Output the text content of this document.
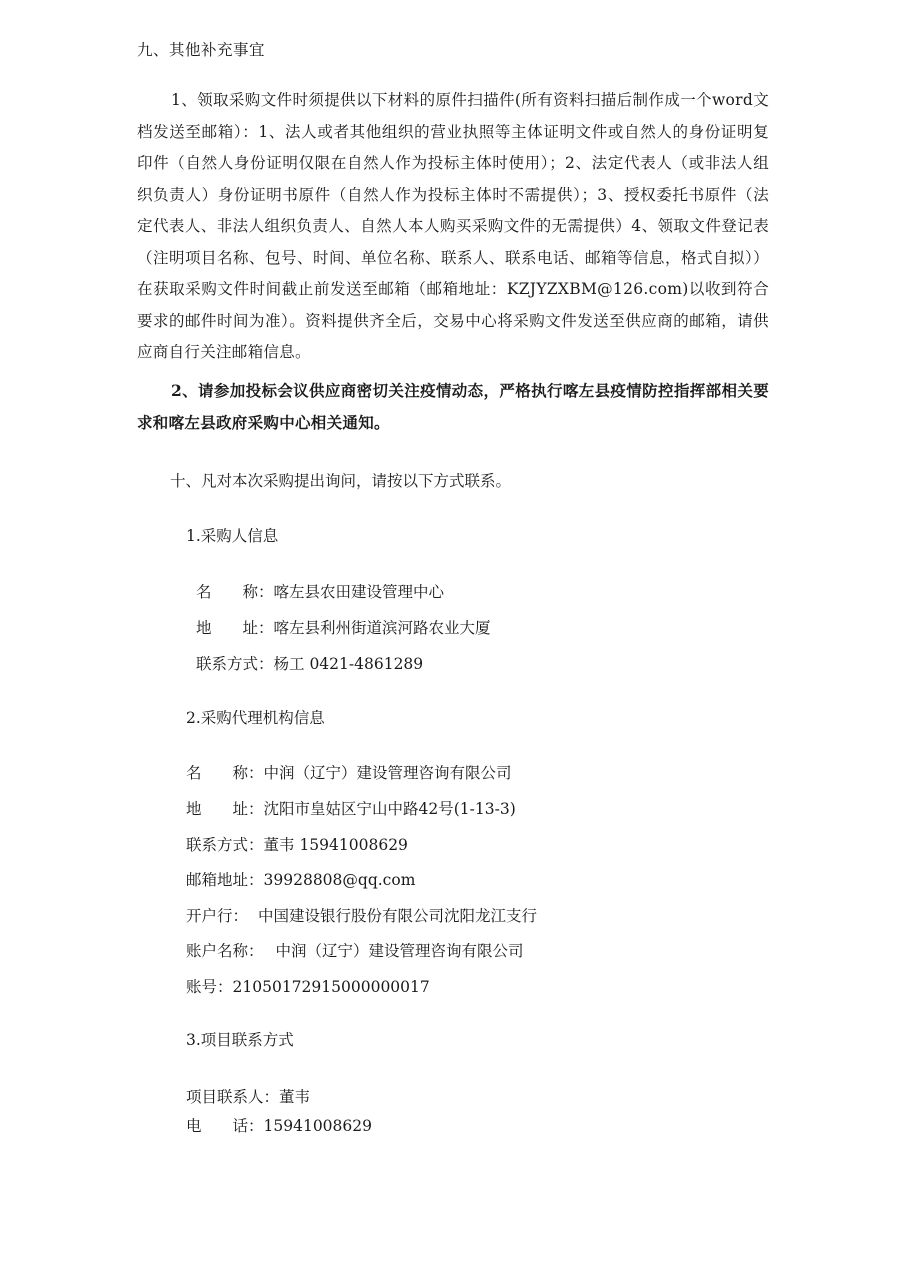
九、其他补充事宜

1、领取采购文件时须提供以下材料的原件扫描件(所有资料扫描后制作成一个word文档发送至邮箱）：1、法人或者其他组织的营业执照等主体证明文件或自然人的身份证明复印件（自然人身份证明仅限在自然人作为投标主体时使用）；2、法定代表人（或非法人组织负责人）身份证明书原件（自然人作为投标主体时不需提供）；3、授权委托书原件（法定代表人、非法人组织负责人、自然人本人购买采购文件的无需提供）4、领取文件登记表（注明项目名称、包号、时间、单位名称、联系人、联系电话、邮箱等信息，格式自拟））在获取采购文件时间截止前发送至邮箱（邮箱地址：KZJYZXBM@126.com)以收到符合要求的邮件时间为准）。资料提供齐全后，交易中心将采购文件发送至供应商的邮箱，请供应商自行关注邮箱信息。

2、请参加投标会议供应商密切关注疫情动态，严格执行喀左县疫情防控指挥部相关要求和喀左县政府采购中心相关通知。

十、凡对本次采购提出询问，请按以下方式联系。
1.采购人信息
名　　称：喀左县农田建设管理中心
地　　址：喀左县利州街道滨河路农业大厦
联系方式：杨工 0421-4861289
2.采购代理机构信息
名　　称：中润（辽宁）建设管理咨询有限公司
地　　址：沈阳市皇姑区宁山中路42号(1-13-3)
联系方式：董韦 15941008629
邮箱地址：39928808@qq.com
开户行： 中国建设银行股份有限公司沈阳龙江支行
账户名称： 中润（辽宁）建设管理咨询有限公司
账号：21050172915000000017
3.项目联系方式
项目联系人：董韦
电　　话：15941008629
